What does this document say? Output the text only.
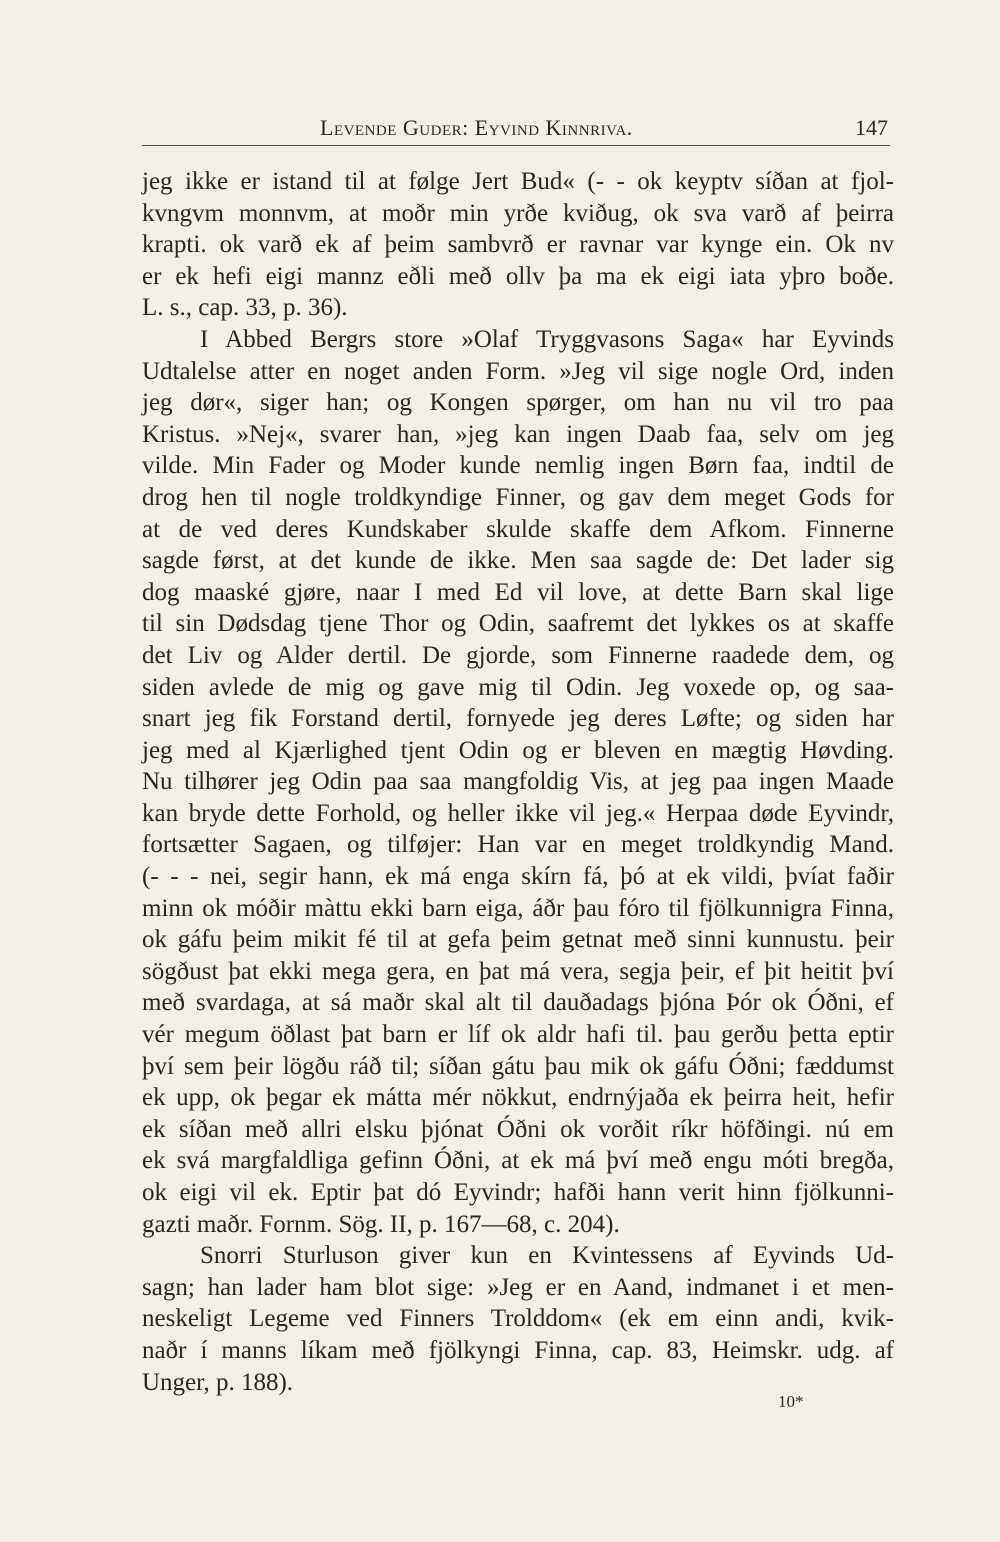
Levende Guder: Eyvind Kinnriva.	147
jeg ikke er istand til at følge Jert Bud« (- - ok keyptv síðan at fjol-
kvngvm monnvm, at moðr min yrðe kviðug, ok sva varð af þeirra
krapti. ok varð ek af þeim sambvrð er ravnar var kynge ein. Ok nv
er ek hefi eigi mannz eðli með ollv þa ma ek eigi iata yþro boðe.
L. s., cap. 33, p. 36).
I Abbed Bergrs store »Olaf Tryggvasons Saga« har Eyvinds
Udtalelse atter en noget anden Form. »Jeg vil sige nogle Ord, inden
jeg dør«, siger han; og Kongen spørger, om han nu vil tro paa
Kristus. »Nej«, svarer han, »jeg kan ingen Daab faa, selv om jeg
vilde. Min Fader og Moder kunde nemlig ingen Børn faa, indtil de
drog hen til nogle troldkyndige Finner, og gav dem meget Gods for
at de ved deres Kundskaber skulde skaffe dem Afkom. Finnerne
sagde først, at det kunde de ikke. Men saa sagde de: Det lader sig
dog maaské gjøre, naar I med Ed vil love, at dette Barn skal lige
til sin Dødsdag tjene Thor og Odin, saafremt det lykkes os at skaffe
det Liv og Alder dertil. De gjorde, som Finnerne raadede dem, og
siden avlede de mig og gave mig til Odin. Jeg voxede op, og saa-
snart jeg fik Forstand dertil, fornyede jeg deres Løfte; og siden har
jeg med al Kjærlighed tjent Odin og er bleven en mægtig Høvding.
Nu tilhører jeg Odin paa saa mangfoldig Vis, at jeg paa ingen Maade
kan bryde dette Forhold, og heller ikke vil jeg.« Herpaa døde Eyvindr,
fortsætter Sagaen, og tilføjer: Han var en meget troldkyndig Mand.
(- - - nei, segir hann, ek má enga skírn fá, þó at ek vildi, þvíat faðir
minn ok móðir màttu ekki barn eiga, áðr þau fóro til fjölkunnigra Finna,
ok gáfu þeim mikit fé til at gefa þeim getnat með sinni kunnustu. þeir
sögðust þat ekki mega gera, en þat má vera, segja þeir, ef þit heitit því
með svardaga, at sá maðr skal alt til dauðadags þjóna Þór ok Óðni, ef
vér megum öðlast þat barn er líf ok aldr hafi til. þau gerðu þetta eptir
því sem þeir lögðu ráð til; síðan gátu þau mik ok gáfu Óðni; fæddumst
ek upp, ok þegar ek mátta mér nökkut, endrnýjaða ek þeirra heit, hefir
ek síðan með allri elsku þjónat Óðni ok vorðit ríkr höfðingi. nú em
ek svá margfaldliga gefinn Óðni, at ek má því með engu móti bregða,
ok eigi vil ek. Eptir þat dó Eyvindr; hafði hann verit hinn fjölkunni-
gazti maðr. Fornm. Sög. II, p. 167—68, c. 204).
Snorri Sturluson giver kun en Kvintessens af Eyvinds Ud-
sagn; han lader ham blot sige: »Jeg er en Aand, indmanet i et men-
neskeligt Legeme ved Finners Trolddom« (ek em einn andi, kvik-
naðr í manns líkam með fjölkyngi Finna, cap. 83, Heimskr. udg. af
Unger, p. 188).
10*
